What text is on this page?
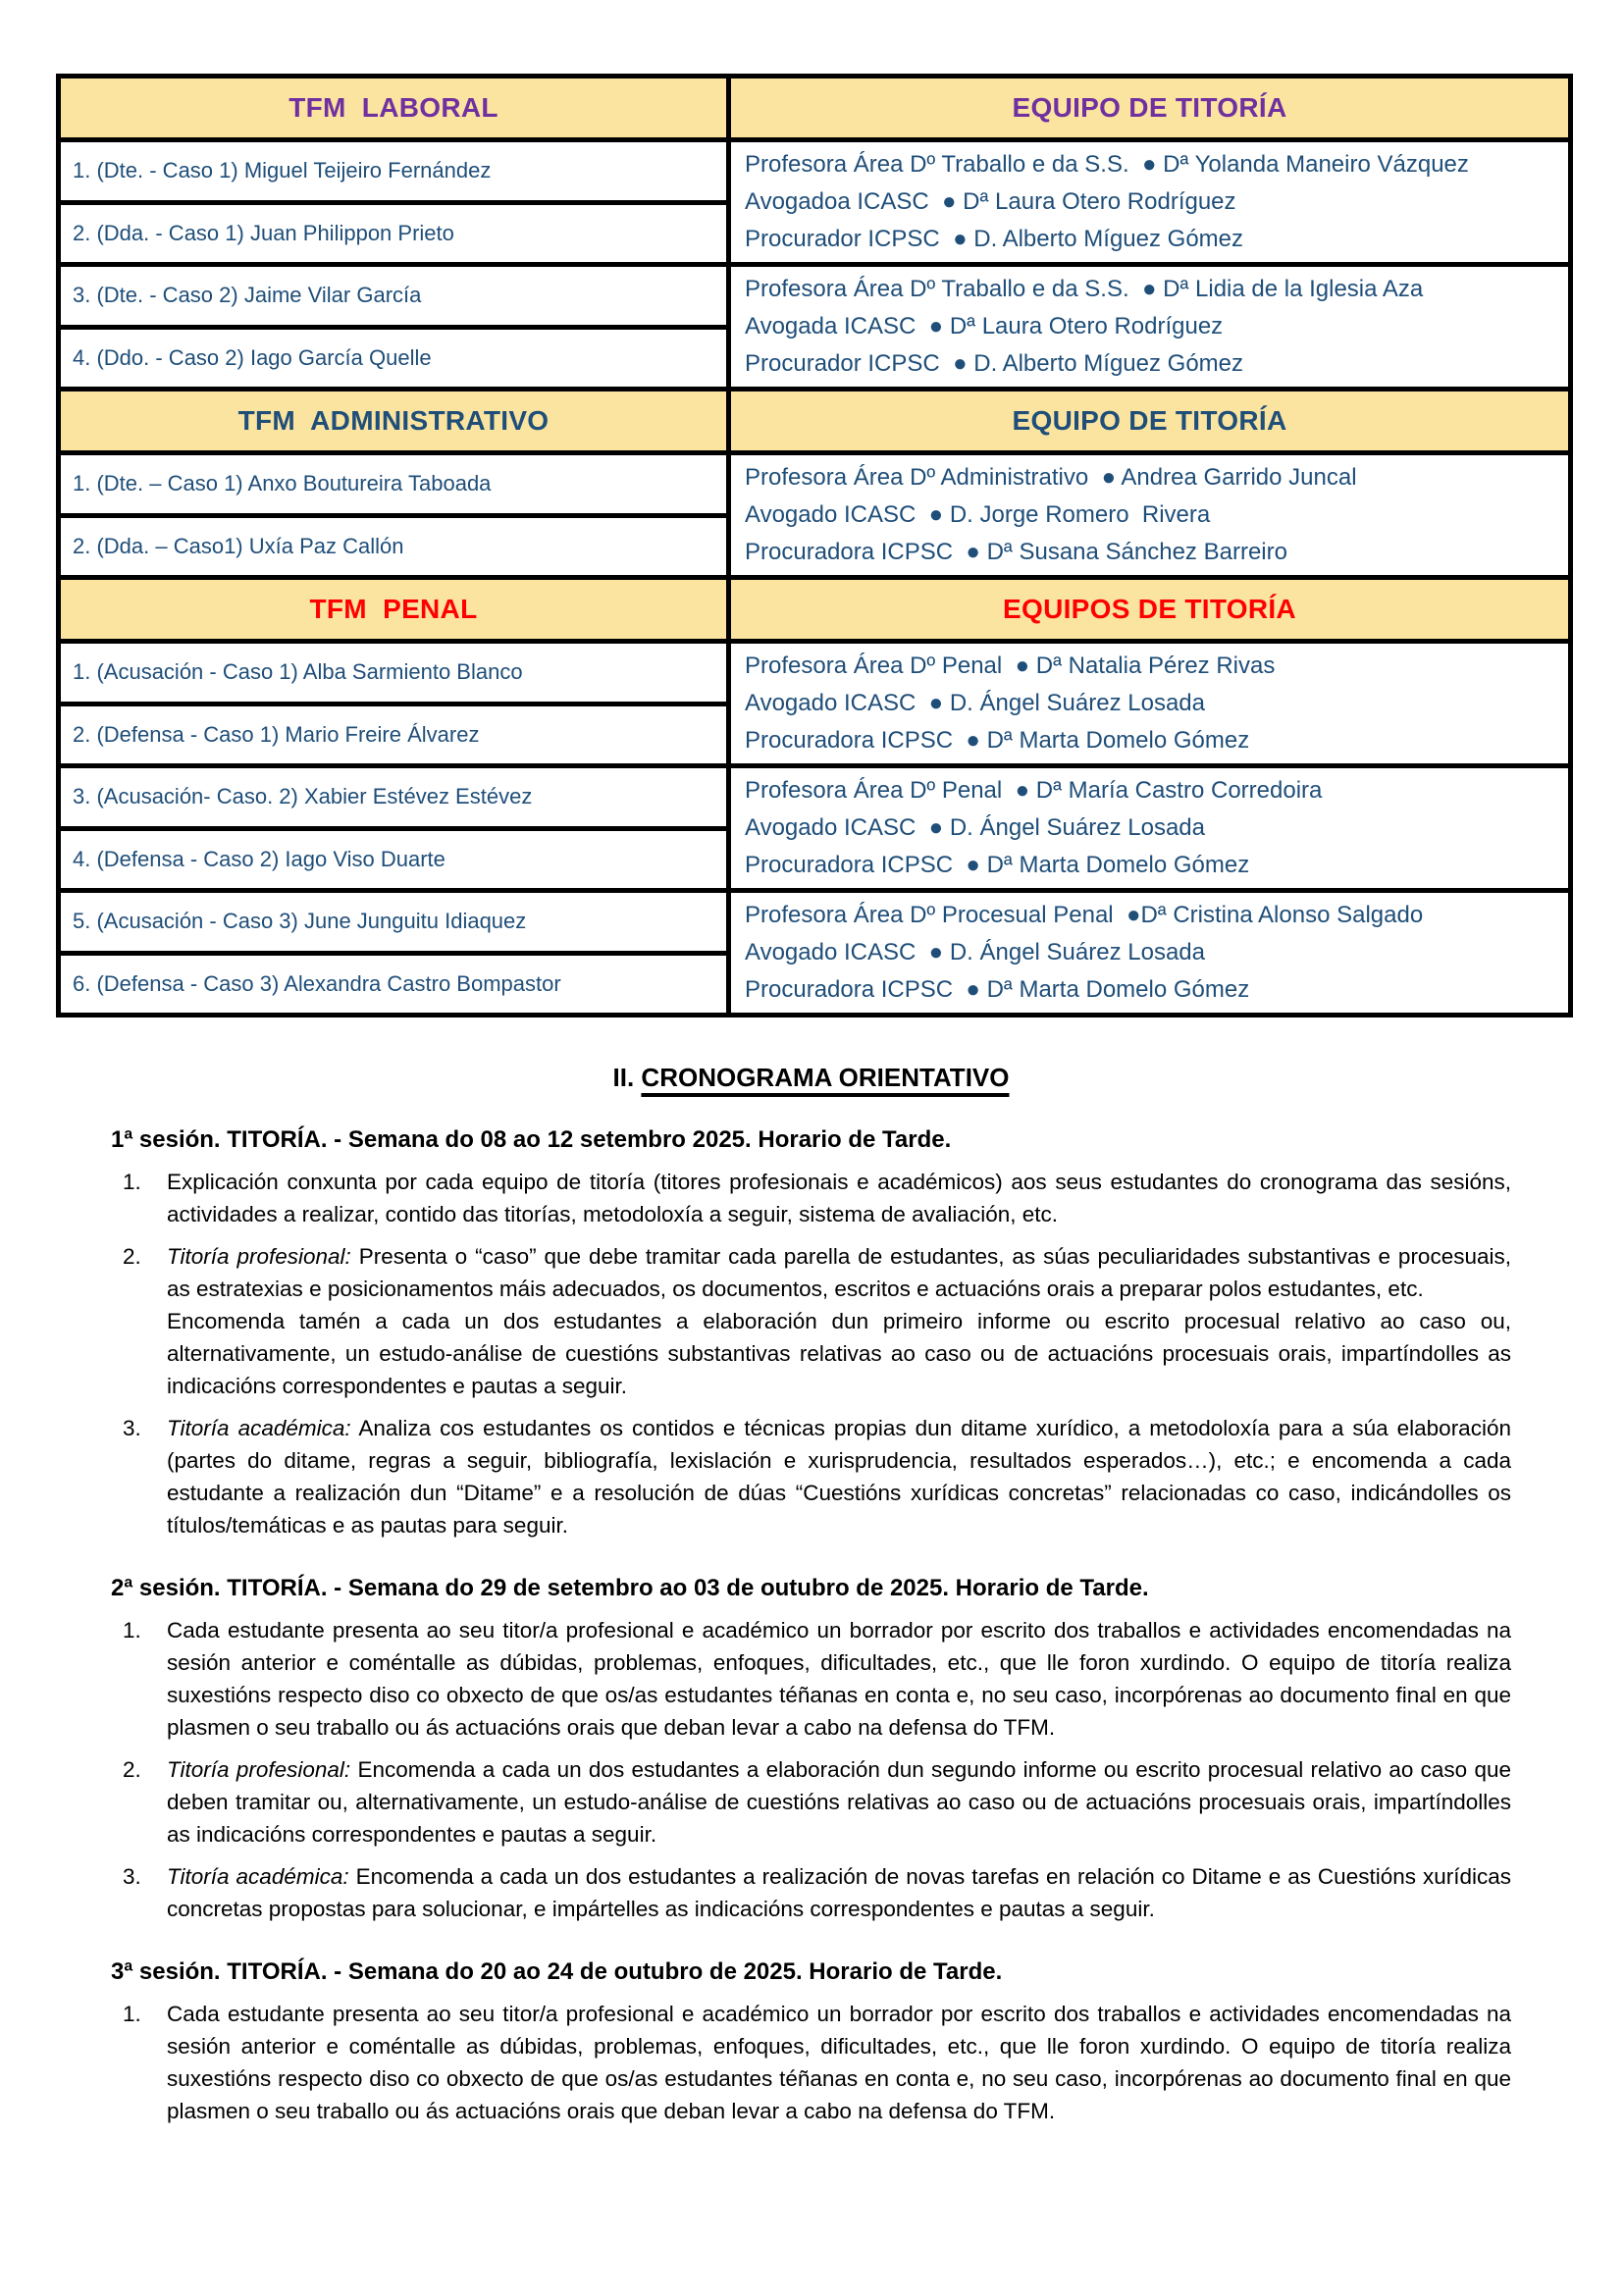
TFM  LABORAL	EQUIPO DE TITORÍA
1. (Dte. - Caso 1) Miguel Teijeiro Fernández	Profesora Área Dº Traballo e da S.S.  ● Dª Yolanda Maneiro Vázquez
Avogadoa ICASC  ● Dª Laura Otero Rodríguez
Procurador ICPSC  ● D. Alberto Míguez Gómez

2. (Dda. - Caso 1) Juan Philippon Prieto	
3. (Dte. - Caso 2) Jaime Vilar García	Profesora Área Dº Traballo e da S.S.  ● Dª Lidia de la Iglesia Aza
Avogada ICASC  ● Dª Laura Otero Rodríguez
Procurador ICPSC  ● D. Alberto Míguez Gómez

4. (Ddo. - Caso 2) Iago García Quelle	
TFM  ADMINISTRATIVO	EQUIPO DE TITORÍA
1. (Dte. – Caso 1) Anxo Boutureira Taboada	Profesora Área Dº Administrativo  ● Andrea Garrido Juncal
Avogado ICASC  ● D. Jorge Romero  Rivera
Procuradora ICPSC  ● Dª Susana Sánchez Barreiro

2. (Dda. – Caso1) Uxía Paz Callón	
TFM  PENAL	EQUIPOS DE TITORÍA
1. (Acusación - Caso 1) Alba Sarmiento Blanco	Profesora Área Dº Penal  ● Dª Natalia Pérez Rivas
Avogado ICASC  ● D. Ángel Suárez Losada
Procuradora ICPSC  ● Dª Marta Domelo Gómez

2. (Defensa - Caso 1) Mario Freire Álvarez	
3. (Acusación- Caso. 2) Xabier Estévez Estévez	Profesora Área Dº Penal  ● Dª María Castro Corredoira
Avogado ICASC  ● D. Ángel Suárez Losada
Procuradora ICPSC  ● Dª Marta Domelo Gómez

4. (Defensa - Caso 2) Iago Viso Duarte	
5. (Acusación - Caso 3) June Junguitu Idiaquez	Profesora Área Dº Procesual Penal  ●Dª Cristina Alonso Salgado
Avogado ICASC  ● D. Ángel Suárez Losada
Procuradora ICPSC  ● Dª Marta Domelo Gómez

6. (Defensa - Caso 3) Alexandra Castro Bompastor	
II. CRONOGRAMA ORIENTATIVO
1ª sesión. TITORÍA. - Semana do 08 ao 12 setembro 2025. Horario de Tarde.
1. Explicación conxunta por cada equipo de titoría (titores profesionais e académicos) aos seus estudantes do cronograma das sesións, actividades a realizar, contido das titorías, metodoloxía a seguir, sistema de avaliación, etc.

2. Titoría profesional: Presenta o “caso” que debe tramitar cada parella de estudantes, as súas peculiaridades substantivas e procesuais, as estratexias e posicionamentos máis adecuados, os documentos, escritos e actuacións orais a preparar polos estudantes, etc.

Encomenda tamén a cada un dos estudantes a elaboración dun primeiro informe ou escrito procesual relativo ao caso ou, alternativamente, un estudo-análise de cuestións substantivas relativas ao caso ou de actuacións procesuais orais, impartíndolles as indicacións correspondentes e pautas a seguir.

3. Titoría académica: Analiza cos estudantes os contidos e técnicas propias dun ditame xurídico, a metodoloxía para a súa elaboración (partes do ditame, regras a seguir, bibliografía, lexislación e xurisprudencia, resultados esperados…), etc.; e encomenda a cada estudante a realización dun “Ditame” e a resolución de dúas “Cuestións xurídicas concretas” relacionadas co caso, indicándolles os títulos/temáticas e as pautas para seguir.

2ª sesión. TITORÍA. - Semana do 29 de setembro ao 03 de outubro de 2025. Horario de Tarde.
1. Cada estudante presenta ao seu titor/a profesional e académico un borrador por escrito dos traballos e actividades encomendadas na sesión anterior e coméntalle as dúbidas, problemas, enfoques, dificultades, etc., que lle foron xurdindo. O equipo de titoría realiza suxestións respecto diso co obxecto de que os/as estudantes téñanas en conta e, no seu caso, incorpórenas ao documento final en que plasmen o seu traballo ou ás actuacións orais que deban levar a cabo na defensa do TFM.

2. Titoría profesional: Encomenda a cada un dos estudantes a elaboración dun segundo informe ou escrito procesual relativo ao caso que deben tramitar ou, alternativamente, un estudo-análise de cuestións relativas ao caso ou de actuacións procesuais orais, impartíndolles as indicacións correspondentes e pautas a seguir.

3. Titoría académica: Encomenda a cada un dos estudantes a realización de novas tarefas en relación co Ditame e as Cuestións xurídicas concretas propostas para solucionar, e impártelles as indicacións correspondentes e pautas a seguir.

3ª sesión. TITORÍA. - Semana do 20 ao 24 de outubro de 2025. Horario de Tarde.
1. Cada estudante presenta ao seu titor/a profesional e académico un borrador por escrito dos traballos e actividades encomendadas na sesión anterior e coméntalle as dúbidas, problemas, enfoques, dificultades, etc., que lle foron xurdindo. O equipo de titoría realiza suxestións respecto diso co obxecto de que os/as estudantes téñanas en conta e, no seu caso, incorpórenas ao documento final en que plasmen o seu traballo ou ás actuacións orais que deban levar a cabo na defensa do TFM.
